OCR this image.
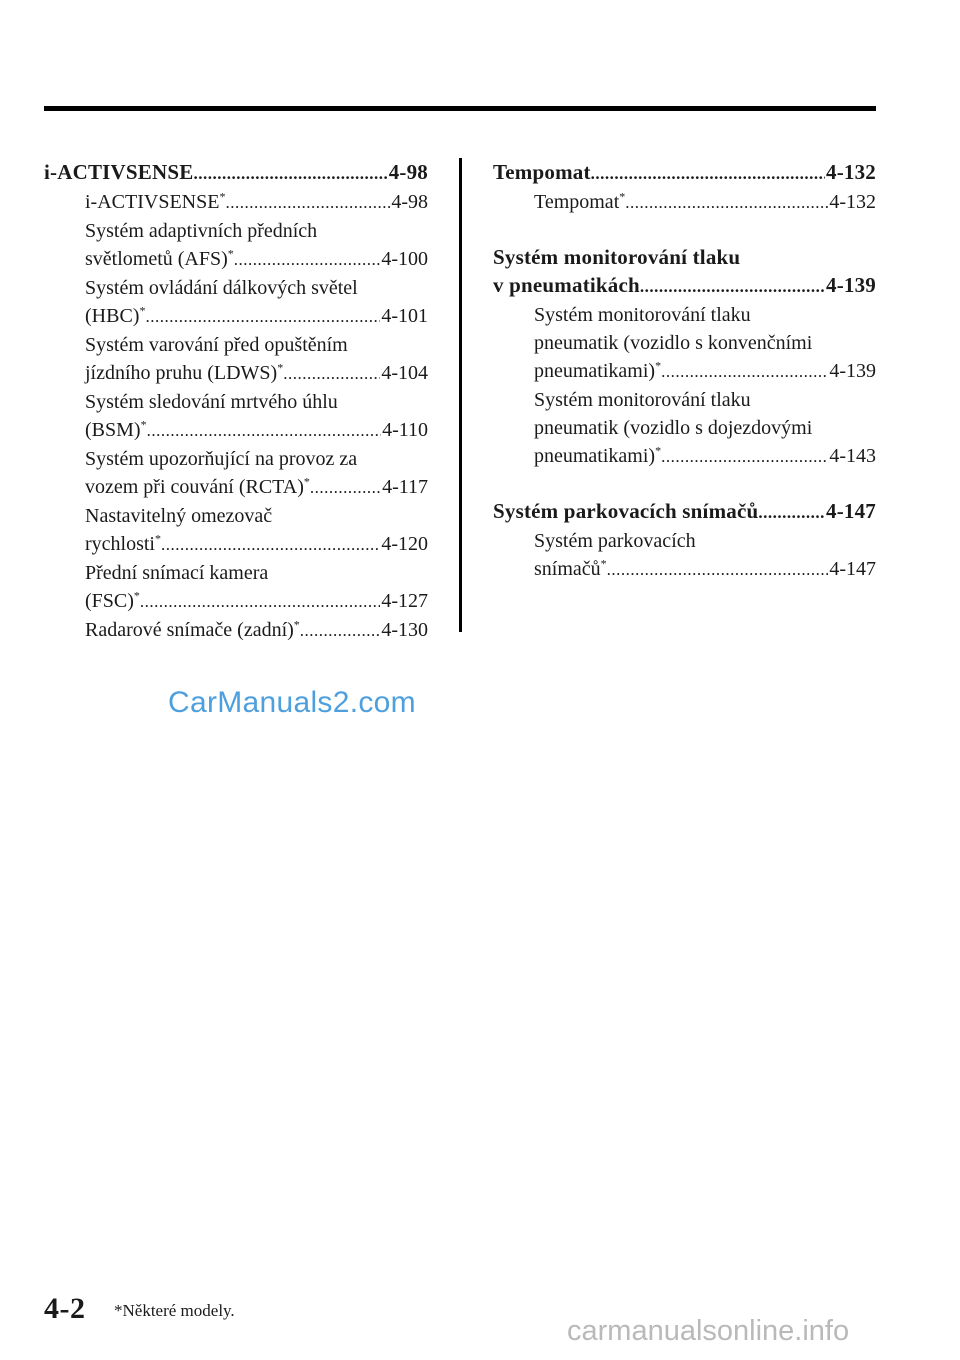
i-ACTIVSENSE .....	4-98
i-ACTIVSENSE* .....	4-98
Systém adaptivních předních
světlometů (AFS)* .....	4-100
Systém ovládání dálkových světel
(HBC)* .....	4-101
Systém varování před opuštěním
jízdního pruhu (LDWS)* .....	4-104
Systém sledování mrtvého úhlu
(BSM)* .....	4-110
Systém upozorňující na provoz za
vozem při couvání (RCTA)* .....	4-117
Nastavitelný omezovač
rychlosti* .....	4-120
Přední snímací kamera
(FSC)* .....	4-127
Radarové snímače (zadní)* .....	4-130
Tempomat .....	4-132
Tempomat* .....	4-132
Systém monitorování tlaku
v pneumatikách .....	4-139
Systém monitorování tlaku
pneumatik (vozidlo s konvenčními
pneumatikami)* .....	4-139
Systém monitorování tlaku
pneumatik (vozidlo s dojezdovými
pneumatikami)* .....	4-143
Systém parkovacích snímačů .....	4-147
Systém parkovacích
snímačů* .....	4-147
CarManuals2.com
4-2 *Některé modely.
carmanualsonline.info
